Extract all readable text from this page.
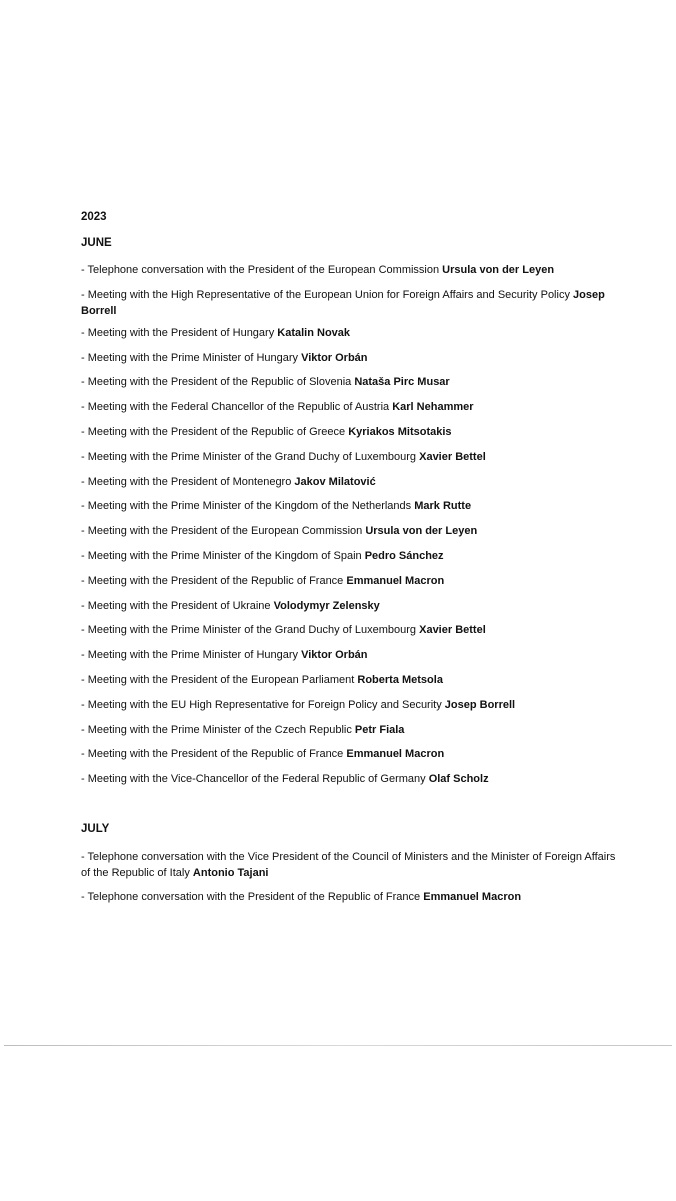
2023
JUNE
- Telephone conversation with the President of the European Commission Ursula von der Leyen
- Meeting with the High Representative of the European Union for Foreign Affairs and Security Policy Josep Borrell
- Meeting with the President of Hungary Katalin Novak
- Meeting with the Prime Minister of Hungary Viktor Orbán
- Meeting with the President of the Republic of Slovenia Nataša Pirc Musar
- Meeting with the Federal Chancellor of the Republic of Austria Karl Nehammer
- Meeting with the President of the Republic of Greece Kyriakos Mitsotakis
- Meeting with the Prime Minister of the Grand Duchy of Luxembourg Xavier Bettel
- Meeting with the President of Montenegro Jakov Milatović
- Meeting with the Prime Minister of the Kingdom of the Netherlands Mark Rutte
- Meeting with the President of the European Commission Ursula von der Leyen
- Meeting with the Prime Minister of the Kingdom of Spain Pedro Sánchez
- Meeting with the President of the Republic of France Emmanuel Macron
- Meeting with the President of Ukraine Volodymyr Zelensky
- Meeting with the Prime Minister of the Grand Duchy of Luxembourg Xavier Bettel
- Meeting with the Prime Minister of Hungary Viktor Orbán
- Meeting with the President of the European Parliament Roberta Metsola
- Meeting with the EU High Representative for Foreign Policy and Security Josep Borrell
- Meeting with the Prime Minister of the Czech Republic Petr Fiala
- Meeting with the President of the Republic of France Emmanuel Macron
- Meeting with the Vice-Chancellor of the Federal Republic of Germany Olaf Scholz
JULY
- Telephone conversation with the Vice President of the Council of Ministers and the Minister of Foreign Affairs of the Republic of Italy Antonio Tajani
- Telephone conversation with the President of the Republic of France Emmanuel Macron
